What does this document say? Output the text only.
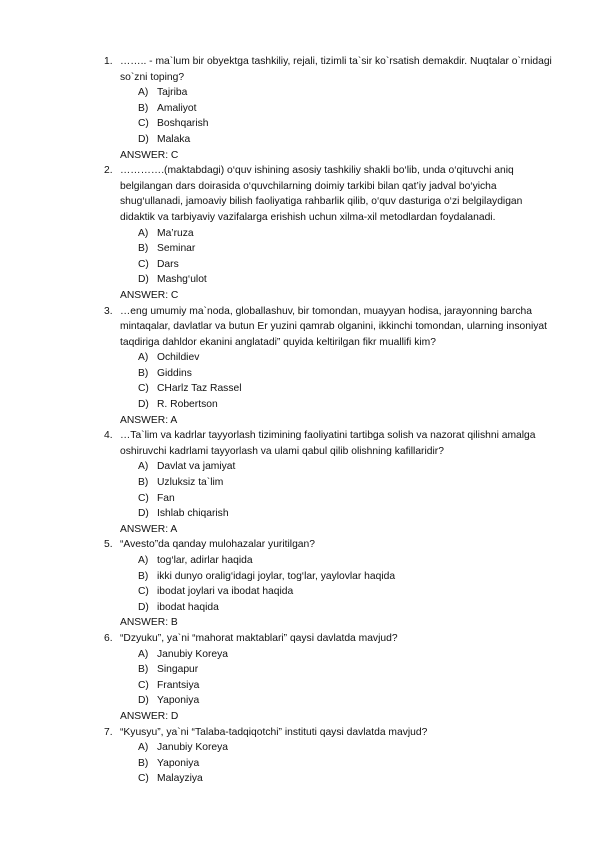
1. …….. - ma`lum bir obyektga tashkiliy, rejali, tizimli ta`sir ko`rsatish demakdir. Nuqtalar o`rnidagi so`zni toping?
A) Tajriba
B) Amaliyot
C) Boshqarish
D) Malaka
ANSWER: C
2. ………….(maktabdagi) o‘quv ishining asosiy tashkiliy shakli bo‘lib, unda o‘qituvchi aniq belgilangan dars doirasida o‘quvchilarning doimiy tarkibi bilan qat’iy jadval bo‘yicha shug‘ullanadi, jamoaviy bilish faoliyatiga rahbarlik qilib, o‘quv dasturiga o‘zi belgilaydigan didaktik va tarbiyaviy vazifalarga erishish uchun xilma-xil metodlardan foydalanadi.
A) Ma’ruza
B) Seminar
C) Dars
D) Mashg‘ulot
ANSWER: C
3. …eng umumiy ma`noda, globallashuv, bir tomondan, muayyan hodisa, jarayonning barcha mintaqalar, davlatlar va butun Er yuzini qamrab olganini, ikkinchi tomondan, ularning insoniyat taqdiriga dahldor ekanini anglatadi” quyida keltirilgan fikr muallifi kim?
A) Ochildiev
B) Giddins
C) CHarlz Taz Rassel
D) R. Robertson
ANSWER: A
4. …Ta`lim va kadrlar tayyorlash tizimining faoliyatini tartibga solish va nazorat qilishni amalga oshiruvchi kadrlami tayyorlash va ulami qabul qilib olishning kafillaridir?
A) Davlat va jamiyat
B) Uzluksiz ta`lim
C) Fan
D) Ishlab chiqarish
ANSWER: A
5. “Avesto”da qanday mulohazalar yuritilgan?
A) tog‘lar, adirlar haqida
B) ikki dunyo oralig‘idagi joylar, tog‘lar, yaylovlar haqida
C) ibodat joylari va ibodat haqida
D) ibodat haqida
ANSWER: B
6. “Dzyuku”, ya`ni “mahorat maktablari” qaysi davlatda mavjud?
A) Janubiy Koreya
B) Singapur
C) Frantsiya
D) Yaponiya
ANSWER: D
7. “Kyusyu”, ya`ni “Talaba-tadqiqotchi” instituti qaysi davlatda mavjud?
A) Janubiy Koreya
B) Yaponiya
C) Malayziya
